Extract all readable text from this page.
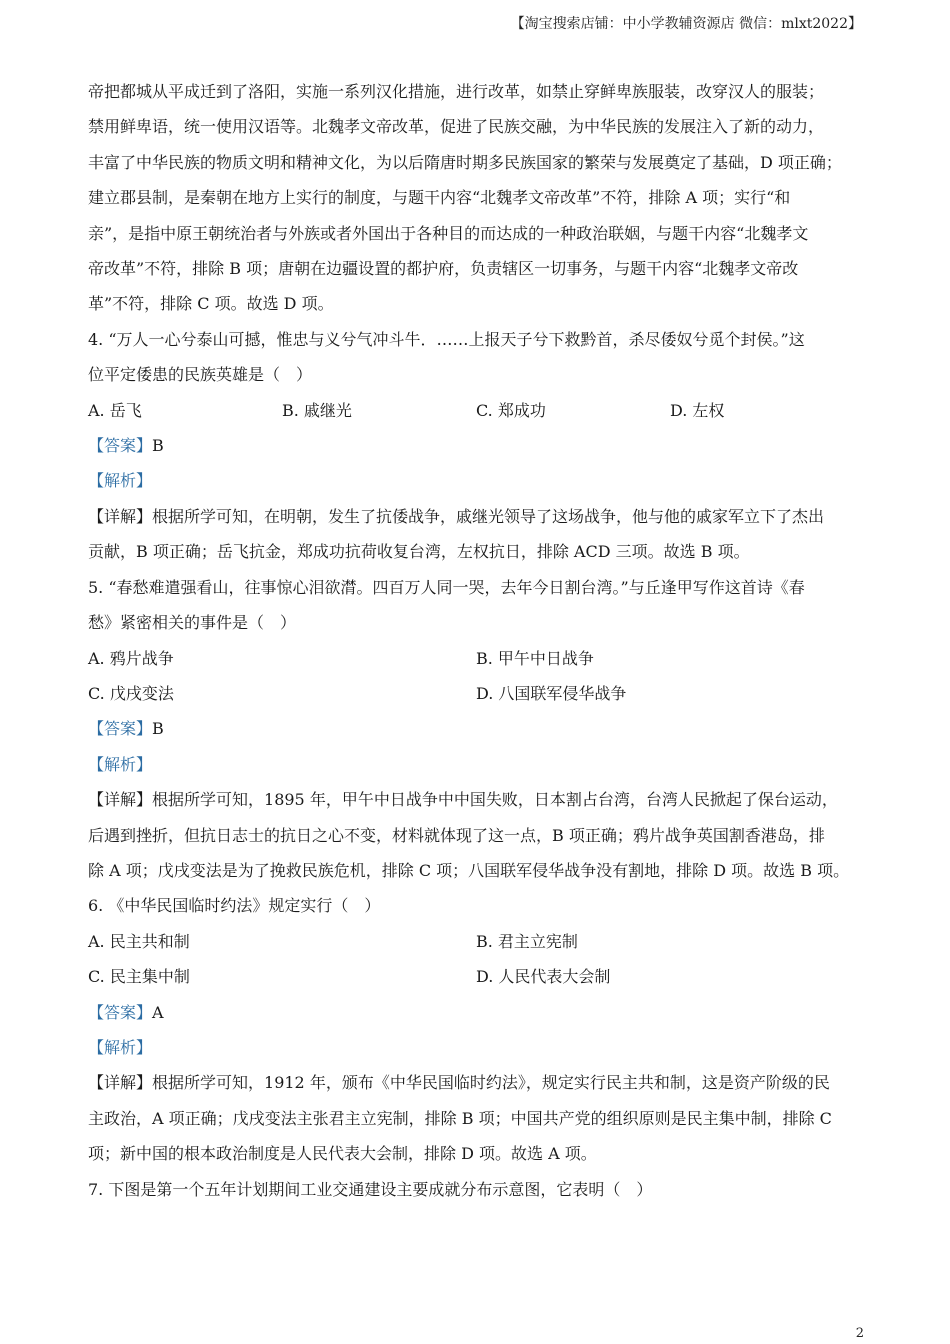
【淘宝搜索店铺：中小学教辅资源店 微信：mlxt2022】

帝把都城从平成迁到了洛阳，实施一系列汉化措施，进行改革，如禁止穿鲜卑族服装，改穿汉人的服装；

禁用鲜卑语，统一使用汉语等。北魏孝文帝改革，促进了民族交融，为中华民族的发展注入了新的动力，

丰富了中华民族的物质文明和精神文化，为以后隋唐时期多民族国家的繁荣与发展奠定了基础，D 项正确；

建立郡县制，是秦朝在地方上实行的制度，与题干内容“北魏孝文帝改革”不符，排除 A 项；实行“和

亲”，是指中原王朝统治者与外族或者外国出于各种目的而达成的一种政治联姻，与题干内容“北魏孝文

帝改革”不符，排除 B 项；唐朝在边疆设置的都护府，负责辖区一切事务，与题干内容“北魏孝文帝改

革”不符，排除 C 项。故选 D 项。

4. “万人一心兮泰山可撼，惟忠与义兮气冲斗牛．……上报天子兮下救黔首，杀尽倭奴兮觅个封侯。”这

位平定倭患的民族英雄是（　）

A. 岳飞	B. 戚继光	C. 郑成功	D. 左权

【答案】B

【解析】

【详解】根据所学可知，在明朝，发生了抗倭战争，戚继光领导了这场战争，他与他的戚家军立下了杰出

贡献，B 项正确；岳飞抗金，郑成功抗荷收复台湾，左权抗日，排除 ACD 三项。故选 B 项。

5. “春愁难遣强看山，往事惊心泪欲潸。四百万人同一哭，去年今日割台湾。”与丘逢甲写作这首诗《春

愁》紧密相关的事件是（　）

A. 鸦片战争	B. 甲午中日战争
C. 戊戌变法	D. 八国联军侵华战争

【答案】B

【解析】

【详解】根据所学可知，1895 年，甲午中日战争中中国失败，日本割占台湾，台湾人民掀起了保台运动，

后遇到挫折，但抗日志士的抗日之心不变，材料就体现了这一点，B 项正确；鸦片战争英国割香港岛，排

除 A 项；戊戌变法是为了挽救民族危机，排除 C 项；八国联军侵华战争没有割地，排除 D 项。故选 B 项。

6. 《中华民国临时约法》规定实行（　）

A. 民主共和制	B. 君主立宪制
C. 民主集中制	D. 人民代表大会制

【答案】A

【解析】

【详解】根据所学可知，1912 年，颁布《中华民国临时约法》，规定实行民主共和制，这是资产阶级的民

主政治，A 项正确；戊戌变法主张君主立宪制，排除 B 项；中国共产党的组织原则是民主集中制，排除 C

项；新中国的根本政治制度是人民代表大会制，排除 D 项。故选 A 项。

7. 下图是第一个五年计划期间工业交通建设主要成就分布示意图，它表明（　）

2
